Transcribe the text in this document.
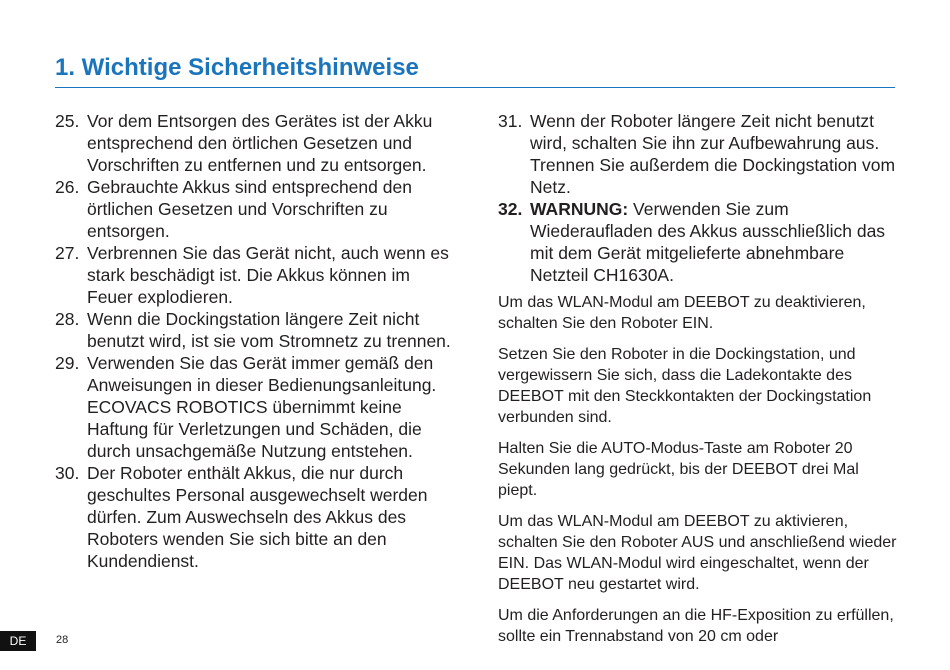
1. Wichtige Sicherheitshinweise
25. Vor dem Entsorgen des Gerätes ist der Akku entsprechend den örtlichen Gesetzen und Vorschriften zu entfernen und zu entsorgen.
26. Gebrauchte Akkus sind entsprechend den örtlichen Gesetzen und Vorschriften zu entsorgen.
27. Verbrennen Sie das Gerät nicht, auch wenn es stark beschädigt ist. Die Akkus können im Feuer explodieren.
28. Wenn die Dockingstation längere Zeit nicht benutzt wird, ist sie vom Stromnetz zu trennen.
29. Verwenden Sie das Gerät immer gemäß den Anweisungen in dieser Bedienungsanleitung. ECOVACS ROBOTICS übernimmt keine Haftung für Verletzungen und Schäden, die durch unsachgemäße Nutzung entstehen.
30. Der Roboter enthält Akkus, die nur durch geschultes Personal ausgewechselt werden dürfen. Zum Auswechseln des Akkus des Roboters wenden Sie sich bitte an den Kundendienst.
31. Wenn der Roboter längere Zeit nicht benutzt wird, schalten Sie ihn zur Aufbewahrung aus. Trennen Sie außerdem die Dockingstation vom Netz.
32. WARNUNG: Verwenden Sie zum Wiederaufladen des Akkus ausschließlich das mit dem Gerät mitgelieferte abnehmbare Netzteil CH1630A.
Um das WLAN-Modul am DEEBOT zu deaktivieren, schalten Sie den Roboter EIN.
Setzen Sie den Roboter in die Dockingstation, und vergewissern Sie sich, dass die Ladekontakte des DEEBOT mit den Steckkontakten der Dockingstation verbunden sind.
Halten Sie die AUTO-Modus-Taste am Roboter 20 Sekunden lang gedrückt, bis der DEEBOT drei Mal piept.
Um das WLAN-Modul am DEEBOT zu aktivieren, schalten Sie den Roboter AUS und anschließend wieder EIN. Das WLAN-Modul wird eingeschaltet, wenn der DEEBOT neu gestartet wird.
Um die Anforderungen an die HF-Exposition zu erfüllen, sollte ein Trennabstand von 20 cm oder
DE	28
